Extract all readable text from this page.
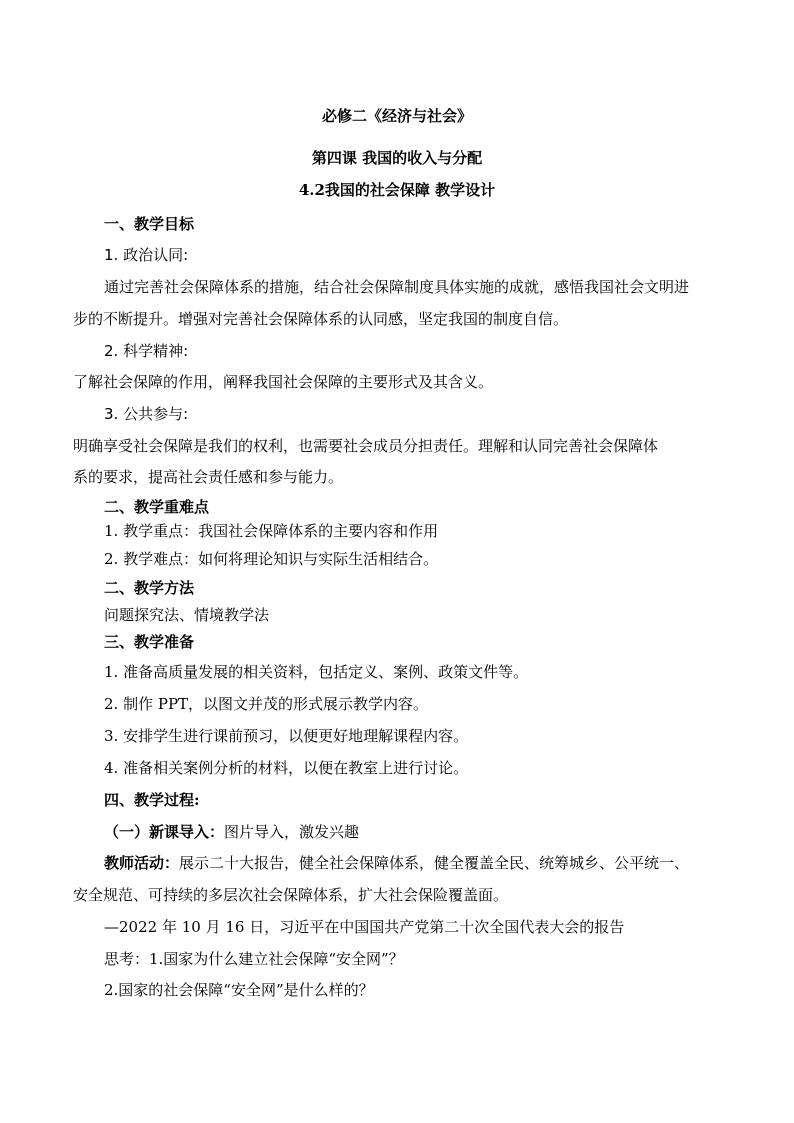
必修二《经济与社会》
第四课 我国的收入与分配
4.2我国的社会保障 教学设计
一、教学目标
1. 政治认同:
通过完善社会保障体系的措施，结合社会保障制度具体实施的成就，感悟我国社会文明进
步的不断提升。增强对完善社会保障体系的认同感，坚定我国的制度自信。
2. 科学精神:
了解社会保障的作用，阐释我国社会保障的主要形式及其含义。
3. 公共参与:
明确享受社会保障是我们的权利，也需要社会成员分担责任。理解和认同完善社会保障体
系的要求，提高社会责任感和参与能力。
二、教学重难点
1. 教学重点：我国社会保障体系的主要内容和作用
2. 教学难点：如何将理论知识与实际生活相结合。
二、教学方法
问题探究法、情境教学法
三、教学准备
1. 准备高质量发展的相关资料，包括定义、案例、政策文件等。
2. 制作 PPT，以图文并茂的形式展示教学内容。
3. 安排学生进行课前预习，以便更好地理解课程内容。
4. 准备相关案例分析的材料，以便在教室上进行讨论。
四、教学过程:
（一）新课导入：图片导入，激发兴趣
教师活动：展示二十大报告，健全社会保障体系，健全覆盖全民、统筹城乡、公平统一、
安全规范、可持续的多层次社会保障体系，扩大社会保险覆盖面。
—2022 年 10 月 16 日，习近平在中国国共产党第二十次全国代表大会的报告
思考：1.国家为什么建立社会保障“安全网”？
2.国家的社会保障“安全网”是什么样的？
